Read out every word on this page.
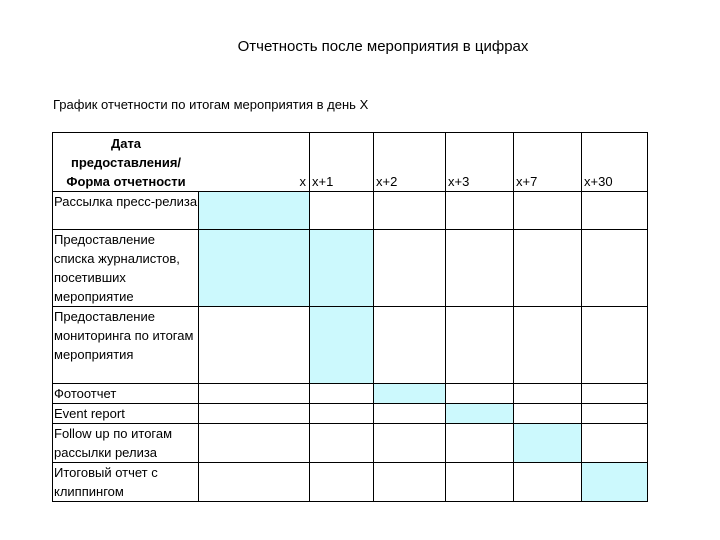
Отчетность после мероприятия в цифрах
График отчетности по итогам мероприятия в день Х
Дата
предоставления/
Форма отчетности х		х+1	х+2	х+3	х+7	х+30
Рассылка пресс-релиза						
Предоставление списка журналистов, посетивших мероприятие						
Предоставление мониторинга по итогам мероприятия						
Фотоотчет						
Event report						
Follow up по итогам рассылки релиза						
Итоговый отчет с клиппингом						
